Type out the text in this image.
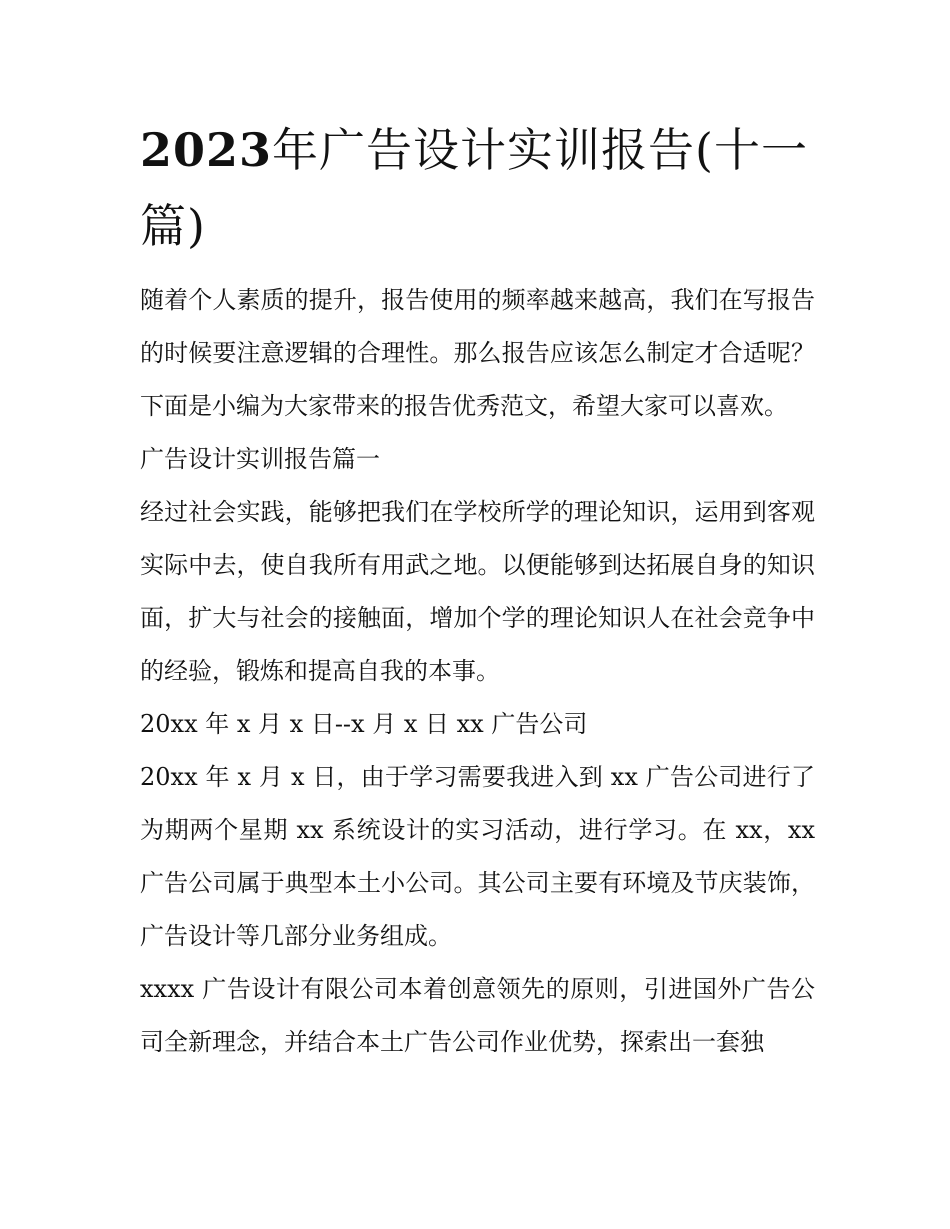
2023年广告设计实训报告(十一篇)

随着个人素质的提升，报告使用的频率越来越高，我们在写报告的时候要注意逻辑的合理性。那么报告应该怎么制定才合适呢？下面是小编为大家带来的报告优秀范文，希望大家可以喜欢。

广告设计实训报告篇一

经过社会实践，能够把我们在学校所学的理论知识，运用到客观实际中去，使自我所有用武之地。以便能够到达拓展自身的知识面，扩大与社会的接触面，增加个学的理论知识人在社会竞争中的经验，锻炼和提高自我的本事。

20xx 年 x 月 x 日--x 月 x 日 xx 广告公司

20xx 年 x 月 x 日，由于学习需要我进入到 xx 广告公司进行了为期两个星期 xx 系统设计的实习活动，进行学习。在 xx，xx 广告公司属于典型本土小公司。其公司主要有环境及节庆装饰，广告设计等几部分业务组成。

xxxx 广告设计有限公司本着创意领先的原则，引进国外广告公司全新理念，并结合本土广告公司作业优势，探索出一套独
